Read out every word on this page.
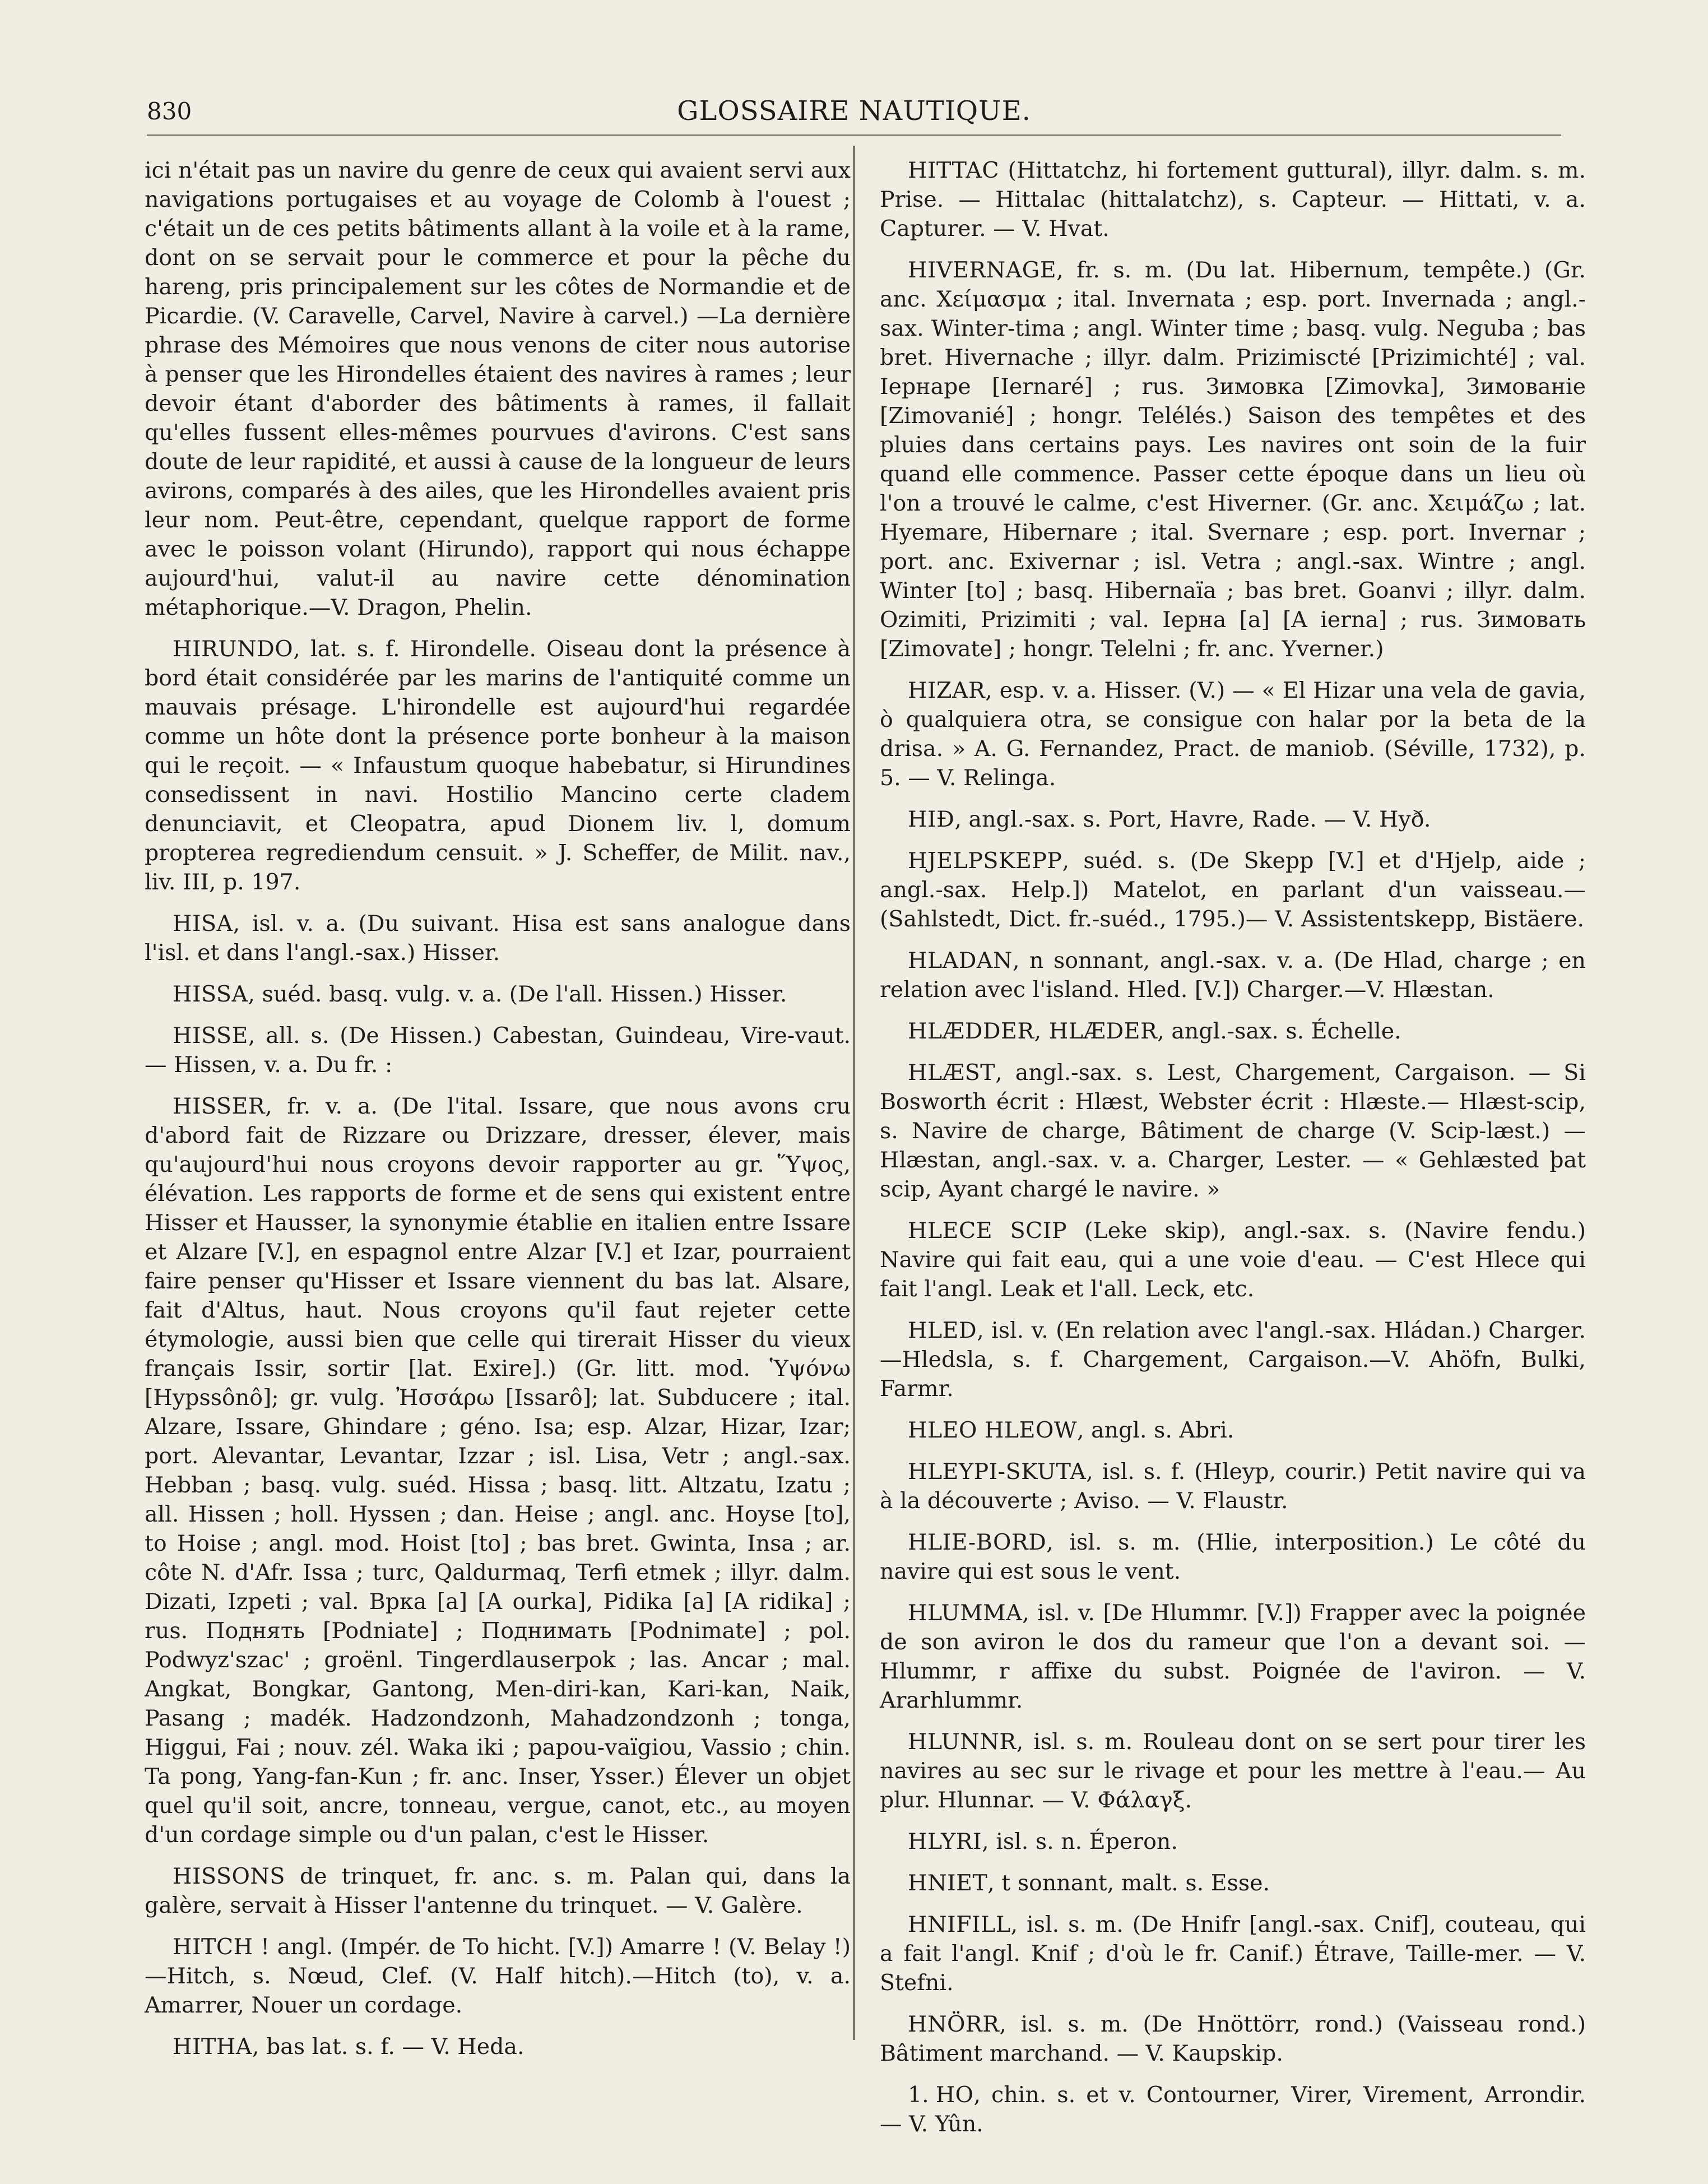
830	GLOSSAIRE NAUTIQUE.

ici n'était pas un navire du genre de ceux qui avaient servi aux navigations portugaises et au voyage de Colomb à l'ouest ; c'était un de ces petits bâtiments allant à la voile et à la rame, dont on se servait pour le commerce et pour la pêche du hareng, pris principalement sur les côtes de Normandie et de Picardie. (V. Caravelle, Carvel, Navire à carvel.) —La dernière phrase des Mémoires que nous venons de citer nous autorise à penser que les Hirondelles étaient des navires à rames ; leur devoir étant d'aborder des bâtiments à rames, il fallait qu'elles fussent elles-mêmes pourvues d'avirons. C'est sans doute de leur rapidité, et aussi à cause de la longueur de leurs avirons, comparés à des ailes, que les Hirondelles avaient pris leur nom. Peut-être, cependant, quelque rapport de forme avec le poisson volant (Hirundo), rapport qui nous échappe aujourd'hui, valut-il au navire cette dénomination métaphorique.—V. Dragon, Phelin.

HIRUNDO, lat. s. f. Hirondelle. Oiseau dont la présence à bord était considérée par les marins de l'antiquité comme un mauvais présage. L'hirondelle est aujourd'hui regardée comme un hôte dont la présence porte bonheur à la maison qui le reçoit. — « Infaustum quoque habebatur, si Hirundines consedissent in navi. Hostilio Mancino certe cladem denunciavit, et Cleopatra, apud Dionem liv. l, domum propterea regrediendum censuit. » J. Scheffer, de Milit. nav., liv. III, p. 197.

HISA, isl. v. a. (Du suivant. Hisa est sans analogue dans l'isl. et dans l'angl.-sax.) Hisser.

HISSA, suéd. basq. vulg. v. a. (De l'all. Hissen.) Hisser.

HISSE, all. s. (De Hissen.) Cabestan, Guindeau, Vire-vaut. — Hissen, v. a. Du fr. :

HISSER, fr. v. a. (De l'ital. Issare, que nous avons cru d'abord fait de Rizzare ou Drizzare, dresser, élever, mais qu'aujourd'hui nous croyons devoir rapporter au gr. Ὕψος, élévation. Les rapports de forme et de sens qui existent entre Hisser et Hausser, la synonymie établie en italien entre Issare et Alzare [V.], en espagnol entre Alzar [V.] et Izar, pourraient faire penser qu'Hisser et Issare viennent du bas lat. Alsare, fait d'Altus, haut. Nous croyons qu'il faut rejeter cette étymologie, aussi bien que celle qui tirerait Hisser du vieux français Issir, sortir [lat. Exire].) (Gr. litt. mod. Ὑψόνω [Hypssônô]; gr. vulg. Ἠσσάρω [Issarô]; lat. Subducere ; ital. Alzare, Issare, Ghindare ; génо. Isa; esp. Alzar, Hizar, Izar; port. Alevantar, Levantar, Izzar ; isl. Lisa, Vetr ; angl.-sax. Hebban ; basq. vulg. suéd. Hissa ; basq. litt. Altzatu, Izatu ; all. Hissen ; holl. Hyssen ; dan. Heise ; angl. anc. Hoyse [to], to Hoise ; angl. mod. Hoist [to] ; bas bret. Gwinta, Insa ; ar. côte N. d'Afr. Issa ; turc, Qaldurmaq, Terfi etmek ; illyr. dalm. Dizati, Izpeti ; val. Врка [a] [A ourka], Pidika [a] [A ridika] ; rus. Поднять [Podniate] ; Поднимать [Podnimate] ; pol. Podwyz'szac' ; groënl. Tingerdlauserpok ; las. Ancar ; mal. Angkat, Bongkar, Gantong, Men-diri-kan, Kari-kan, Naik, Pasang ; madék. Hadzondzonh, Mahadzondzonh ; tonga, Higgui, Fai ; nouv. zél. Waka iki ; papou-vaïgiou, Vassio ; chin. Ta pong, Yang-fan-Kun ; fr. anc. Inser, Ysser.) Élever un objet quel qu'il soit, ancre, tonneau, vergue, canot, etc., au moyen d'un cordage simple ou d'un palan, c'est le Hisser.

HISSONS de trinquet, fr. anc. s. m. Palan qui, dans la galère, servait à Hisser l'antenne du trinquet. — V. Galère.

HITCH ! angl. (Impér. de To hicht. [V.]) Amarre ! (V. Belay !)—Hitch, s. Nœud, Clef. (V. Half hitch).—Hitch (to), v. a. Amarrer, Nouer un cordage.

HITHA, bas lat. s. f. — V. Heda.

HITTAC (Hittatchz, hi fortement guttural), illyr. dalm. s. m. Prise. — Hittalac (hittalatchz), s. Capteur. — Hittati, v. a. Capturer. — V. Hvat.

HIVERNAGE, fr. s. m. (Du lat. Hibernum, tempête.) (Gr. anc. Χείμασμα ; ital. Invernata ; esp. port. Invernada ; angl.-sax. Winter-tima ; angl. Winter time ; basq. vulg. Neguba ; bas bret. Hivernache ; illyr. dalm. Prizimiscté [Prizimichté] ; val. Іернаре [Iernaré] ; rus. Зимовка [Zimovka], Зимованіе [Zimovanié] ; hongr. Telélés.) Saison des tempêtes et des pluies dans certains pays. Les navires ont soin de la fuir quand elle commence. Passer cette époque dans un lieu où l'on a trouvé le calme, c'est Hiverner. (Gr. anc. Χειμάζω ; lat. Hyemare, Hibernare ; ital. Svernare ; esp. port. Invernar ; port. anc. Exivernar ; isl. Vetra ; angl.-sax. Wintre ; angl. Winter [to] ; basq. Hibernaïa ; bas bret. Goanvi ; illyr. dalm. Ozimiti, Prizimiti ; val. Іерна [a] [A ierna] ; rus. Зимовать [Zimovate] ; hongr. Telelni ; fr. anc. Yverner.)

HIZAR, esp. v. a. Hisser. (V.) — « El Hizar una vela de gavia, ò qualquiera otra, se consigue con halar por la beta de la drisa. » A. G. Fernandez, Pract. de manіоb. (Séville, 1732), p. 5. — V. Relinga.

HIÐ, angl.-sax. s. Port, Havre, Rade. — V. Hyð.

HJELPSKEPP, suéd. s. (De Skepp [V.] et d'Hjelp, aide ; angl.-sax. Help.]) Matelot, en parlant d'un vaisseau.—(Sahlstedt, Dict. fr.-suéd., 1795.)— V. Assistentskepp, Bistäere.

HLADAN, n sonnant, angl.-sax. v. a. (De Hlad, charge ; en relation avec l'island. Hled. [V.]) Charger.—V. Hlæstan.

HLÆDDER, HLÆDER, angl.-sax. s. Échelle.

HLÆST, angl.-sax. s. Lest, Chargement, Cargaison. — Si Bosworth écrit : Hlæst, Webster écrit : Hlæste.— Hlæst-scip, s. Navire de charge, Bâtiment de charge (V. Scip-læst.) —Hlæstan, angl.-sax. v. a. Charger, Lester. — « Gehlæsted þat scip, Ayant chargé le navire. »

HLECE SCIP (Leke skip), angl.-sax. s. (Navire fendu.) Navire qui fait eau, qui a une voie d'eau. — C'est Hlece qui fait l'angl. Leak et l'all. Leck, etc.

HLED, isl. v. (En relation avec l'angl.-sax. Hládan.) Charger.—Hledsla, s. f. Chargement, Cargaison.—V. Ahöfn, Bulki, Farmr.

HLEO HLEOW, angl. s. Abri.

HLEYPI-SKUTA, isl. s. f. (Hleyp, courir.) Petit navire qui va à la découverte ; Aviso. — V. Flaustr.

HLIE-BORD, isl. s. m. (Hlie, interposition.) Le côté du navire qui est sous le vent.

HLUMMA, isl. v. [De Hlummr. [V.]) Frapper avec la poignée de son aviron le dos du rameur que l'on a devant soi. — Hlummr, r affixe du subst. Poignée de l'aviron. — V. Ararhlummr.

HLUNNR, isl. s. m. Rouleau dont on se sert pour tirer les navires au sec sur le rivage et pour les mettre à l'eau.— Au plur. Hlunnar. — V. Φάλαγξ.

HLYRI, isl. s. n. Éperon.

HNIET, t sonnant, malt. s. Esse.

HNIFILL, isl. s. m. (De Hnifr [angl.-sax. Cnif], couteau, qui a fait l'angl. Knif ; d'où le fr. Canif.) Étrave, Taille-mer. — V. Stefni.

HNÖRR, isl. s. m. (De Hnöttörr, rond.) (Vaisseau rond.) Bâtiment marchand. — V. Kaupskip.

1. HO, chin. s. et v. Contourner, Virer, Virement, Arrondir. — V. Yûn.
